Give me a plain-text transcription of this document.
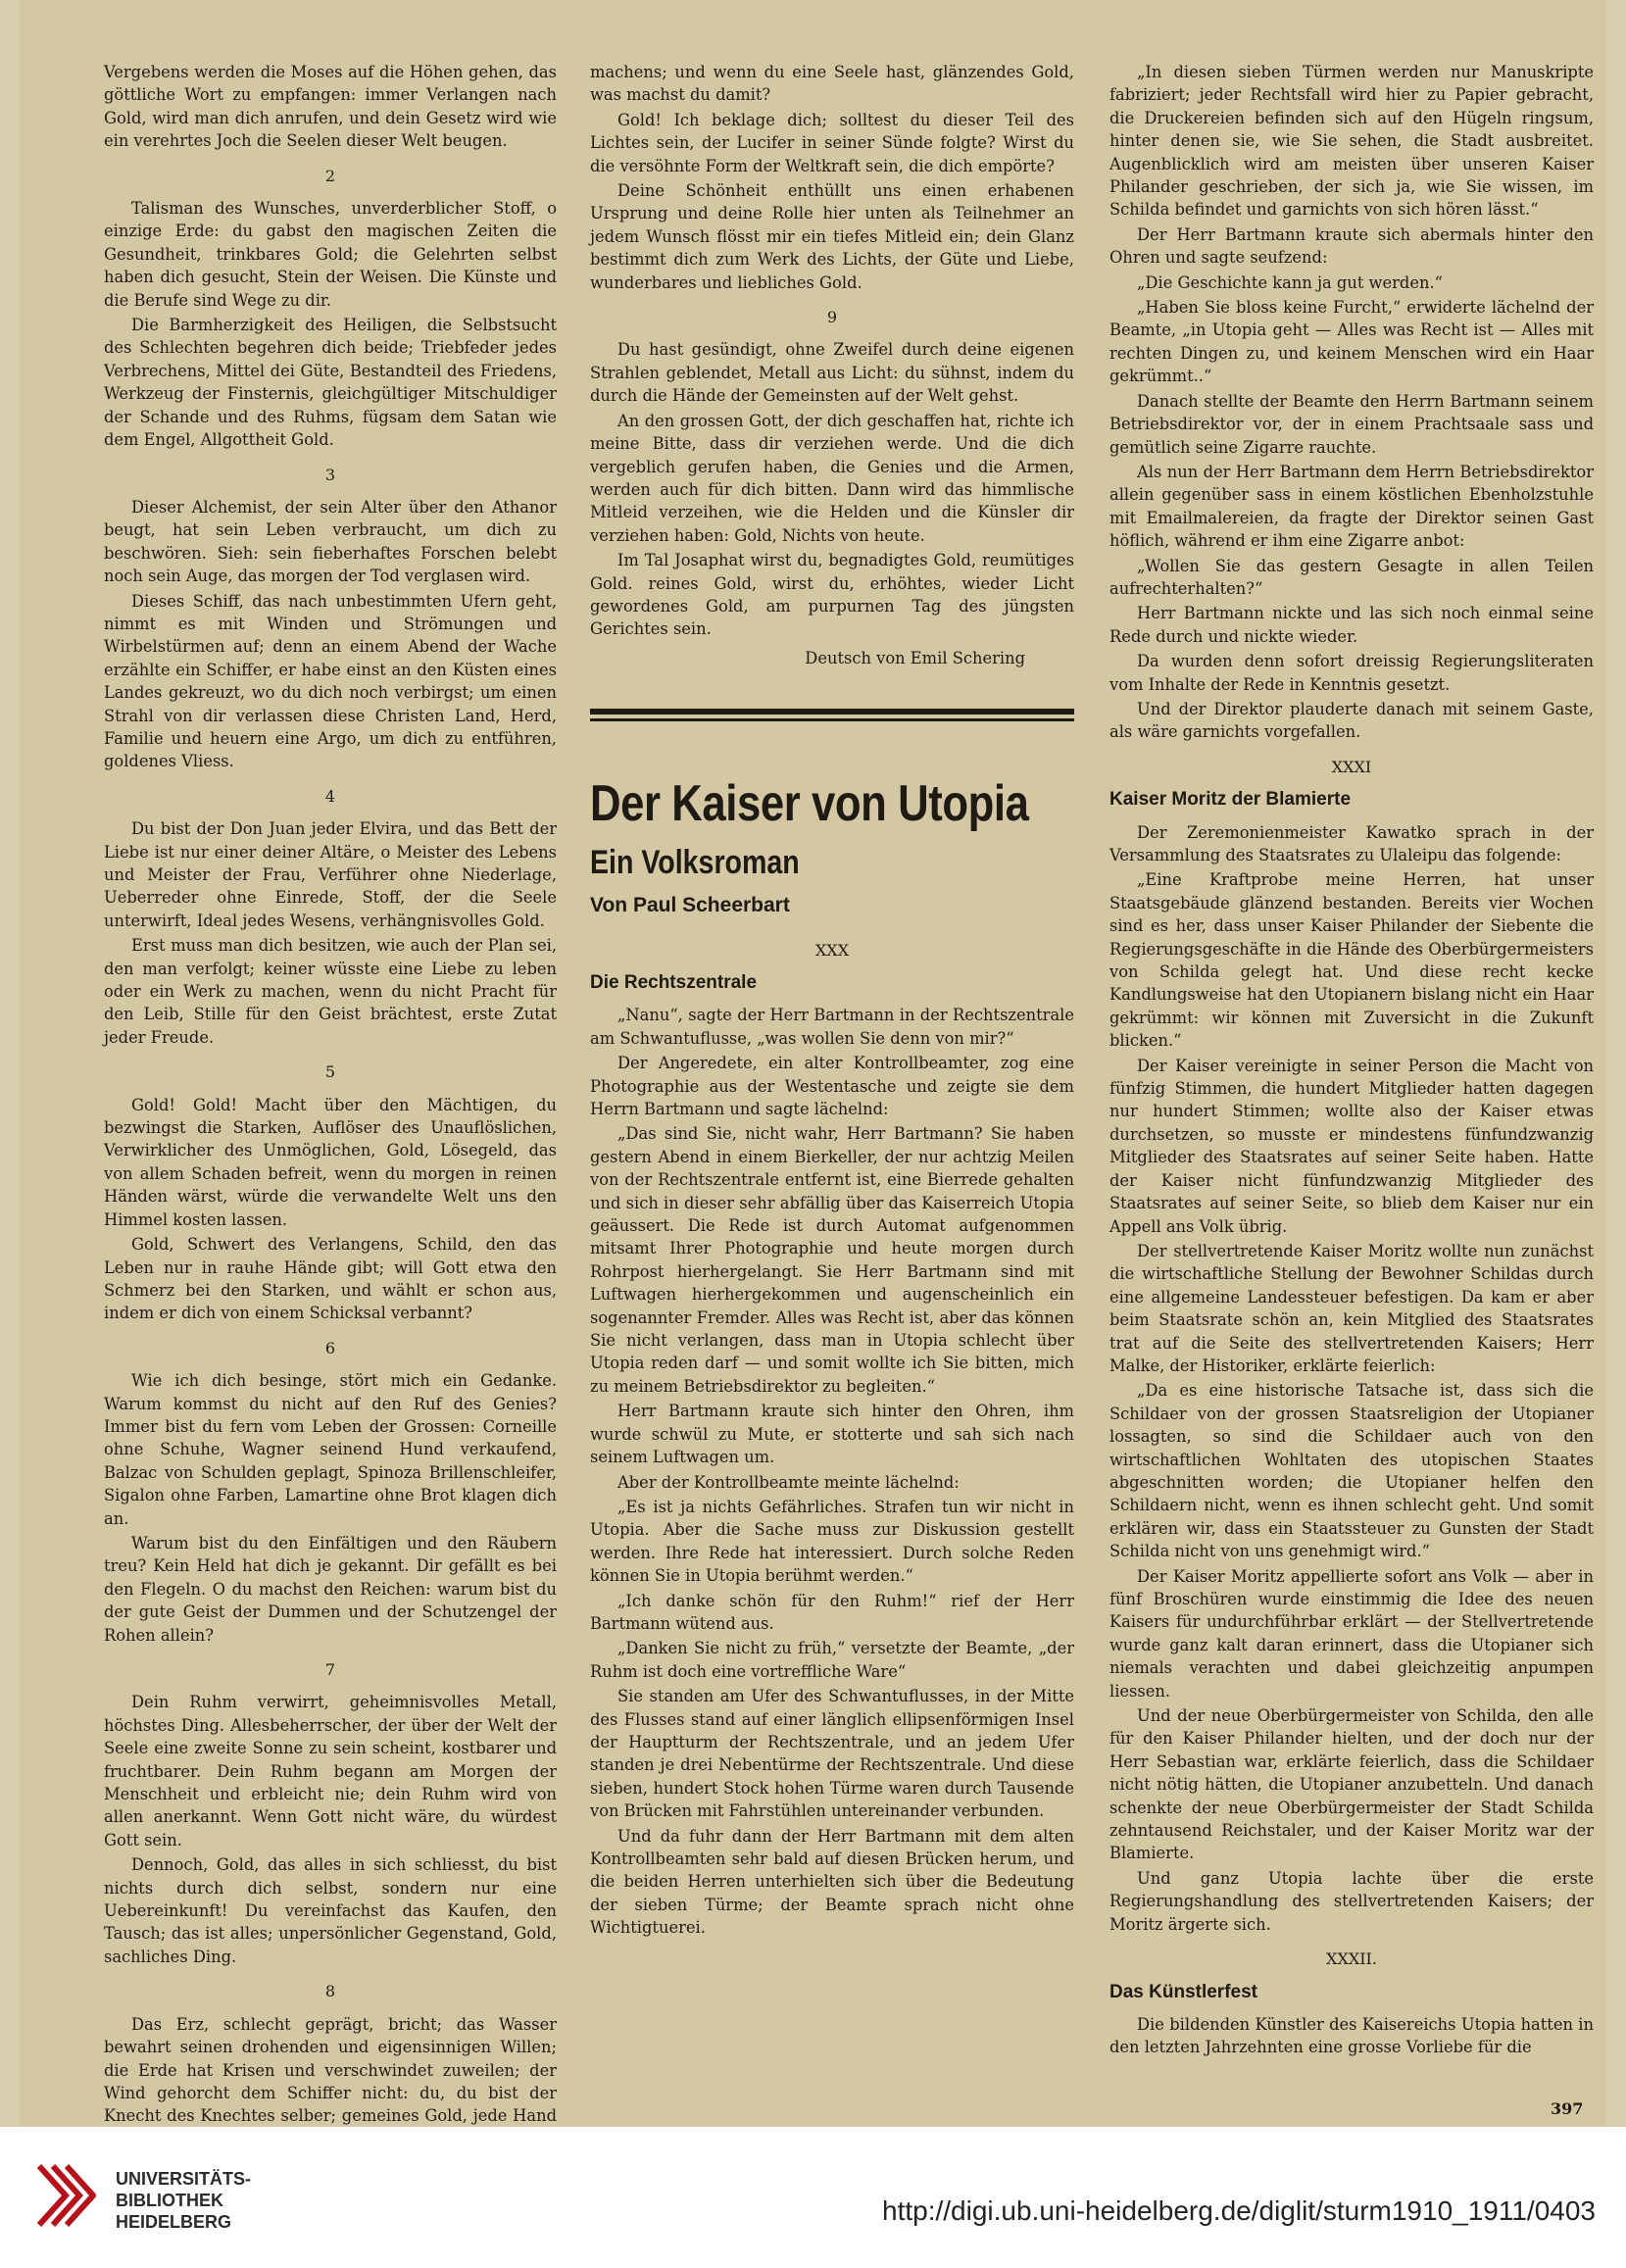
Vergebens werden die Moses auf die Höhen gehen, das göttliche Wort zu empfangen: immer Verlangen nach Gold, wird man dich anrufen, und dein Gesetz wird wie ein verehrtes Joch die Seelen dieser Welt beugen.

2

Talisman des Wunsches, unverderblicher Stoff, o einzige Erde: du gabst den magischen Zeiten die Gesundheit, trinkbares Gold; die Gelehrten selbst haben dich gesucht, Stein der Weisen. Die Künste und die Berufe sind Wege zu dir.

Die Barmherzigkeit des Heiligen, die Selbstsucht des Schlechten begehren dich beide; Triebfeder jedes Verbrechens, Mittel dei Güte, Bestandteil des Friedens, Werkzeug der Finsternis, gleichgültiger Mitschuldiger der Schande und des Ruhms, fügsam dem Satan wie dem Engel, Allgottheit Gold.

3

Dieser Alchemist, der sein Alter über den Athanor beugt, hat sein Leben verbraucht, um dich zu beschwören. Sieh: sein fieberhaftes Forschen belebt noch sein Auge, das morgen der Tod verglasen wird.

Dieses Schiff, das nach unbestimmten Ufern geht, nimmt es mit Winden und Strömungen und Wirbelstürmen auf; denn an einem Abend der Wache erzählte ein Schiffer, er habe einst an den Küsten eines Landes gekreuzt, wo du dich noch verbirgst; um einen Strahl von dir verlassen diese Christen Land, Herd, Familie und heuern eine Argo, um dich zu entführen, goldenes Vliess.

4

Du bist der Don Juan jeder Elvira, und das Bett der Liebe ist nur einer deiner Altäre, o Meister des Lebens und Meister der Frau, Verführer ohne Niederlage, Ueberreder ohne Einrede, Stoff, der die Seele unterwirft, Ideal jedes Wesens, verhängnisvolles Gold.

Erst muss man dich besitzen, wie auch der Plan sei, den man verfolgt; keiner wüsste eine Liebe zu leben oder ein Werk zu machen, wenn du nicht Pracht für den Leib, Stille für den Geist brächtest, erste Zutat jeder Freude.

5

Gold! Gold! Macht über den Mächtigen, du bezwingst die Starken, Auflöser des Unauflöslichen, Verwirklicher des Unmöglichen, Gold, Lösegeld, das von allem Schaden befreit, wenn du morgen in reinen Händen wärst, würde die verwandelte Welt uns den Himmel kosten lassen.

Gold, Schwert des Verlangens, Schild, den das Leben nur in rauhe Hände gibt; will Gott etwa den Schmerz bei den Starken, und wählt er schon aus, indem er dich von einem Schicksal verbannt?

6

Wie ich dich besinge, stört mich ein Gedanke. Warum kommst du nicht auf den Ruf des Genies? Immer bist du fern vom Leben der Grossen: Corneille ohne Schuhe, Wagner seinend Hund verkaufend, Balzac von Schulden geplagt, Spinoza Brillenschleifer, Sigalon ohne Farben, Lamartine ohne Brot klagen dich an.

Warum bist du den Einfältigen und den Räubern treu? Kein Held hat dich je gekannt. Dir gefällt es bei den Flegeln. O du machst den Reichen: warum bist du der gute Geist der Dummen und der Schutzengel der Rohen allein?

7

Dein Ruhm verwirrt, geheimnisvolles Metall, höchstes Ding. Allesbeherrscher, der über der Welt der Seele eine zweite Sonne zu sein scheint, kostbarer und fruchtbarer. Dein Ruhm begann am Morgen der Menschheit und erbleicht nie; dein Ruhm wird von allen anerkannt. Wenn Gott nicht wäre, du würdest Gott sein.

Dennoch, Gold, das alles in sich schliesst, du bist nichts durch dich selbst, sondern nur eine Uebereinkunft! Du vereinfachst das Kaufen, den Tausch; das ist alles; unpersönlicher Gegenstand, Gold, sachliches Ding.

8

Das Erz, schlecht geprägt, bricht; das Wasser bewahrt seinen drohenden und eigensinnigen Willen; die Erde hat Krisen und verschwindet zuweilen; der Wind gehorcht dem Schiffer nicht: du, du bist der Knecht des Knechtes selber; gemeines Gold, jede Hand

machens; und wenn du eine Seele hast, glänzendes Gold, was machst du damit?

Gold! Ich beklage dich; solltest du dieser Teil des Lichtes sein, der Lucifer in seiner Sünde folgte? Wirst du die versöhnte Form der Weltkraft sein, die dich empörte?

Deine Schönheit enthüllt uns einen erhabenen Ursprung und deine Rolle hier unten als Teilnehmer an jedem Wunsch flösst mir ein tiefes Mitleid ein; dein Glanz bestimmt dich zum Werk des Lichts, der Güte und Liebe, wunderbares und liebliches Gold.

9

Du hast gesündigt, ohne Zweifel durch deine eigenen Strahlen geblendet, Metall aus Licht: du sühnst, indem du durch die Hände der Gemeinsten auf der Welt gehst.

An den grossen Gott, der dich geschaffen hat, richte ich meine Bitte, dass dir verziehen werde. Und die dich vergeblich gerufen haben, die Genies und die Armen, werden auch für dich bitten. Dann wird das himmlische Mitleid verzeihen, wie die Helden und die Künsler dir verziehen haben: Gold, Nichts von heute.

Im Tal Josaphat wirst du, begnadigtes Gold, reumütiges Gold. reines Gold, wirst du, erhöhtes, wieder Licht gewordenes Gold, am purpurnen Tag des jüngsten Gerichtes sein.

Deutsch von Emil Schering
Der Kaiser von Utopia
Ein Volksroman
Von Paul Scheerbart
XXX
Die Rechtszentrale

„Nanu“, sagte der Herr Bartmann in der Rechtszentrale am Schwantuflusse, „was wollen Sie denn von mir?“

Der Angeredete, ein alter Kontrollbeamter, zog eine Photographie aus der Westentasche und zeigte sie dem Herrn Bartmann und sagte lächelnd:

„Das sind Sie, nicht wahr, Herr Bartmann? Sie haben gestern Abend in einem Bierkeller, der nur achtzig Meilen von der Rechtszentrale entfernt ist, eine Bierrede gehalten und sich in dieser sehr abfällig über das Kaiserreich Utopia geäussert. Die Rede ist durch Automat aufgenommen mitsamt Ihrer Photographie und heute morgen durch Rohrpost hierhergelangt. Sie Herr Bartmann sind mit Luftwagen hierhergekommen und augenscheinlich ein sogenannter Fremder. Alles was Recht ist, aber das können Sie nicht verlangen, dass man in Utopia schlecht über Utopia reden darf — und somit wollte ich Sie bitten, mich zu meinem Betriebsdirektor zu begleiten.“

Herr Bartmann kraute sich hinter den Ohren, ihm wurde schwül zu Mute, er stotterte und sah sich nach seinem Luftwagen um.

Aber der Kontrollbeamte meinte lächelnd:

„Es ist ja nichts Gefährliches. Strafen tun wir nicht in Utopia. Aber die Sache muss zur Diskussion gestellt werden. Ihre Rede hat interessiert. Durch solche Reden können Sie in Utopia berühmt werden.“

„Ich danke schön für den Ruhm!“ rief der Herr Bartmann wütend aus.

„Danken Sie nicht zu früh,“ versetzte der Beamte, „der Ruhm ist doch eine vortreffliche Ware“

Sie standen am Ufer des Schwantuflusses, in der Mitte des Flusses stand auf einer länglich ellipsenförmigen Insel der Hauptturm der Rechtszentrale, und an jedem Ufer standen je drei Nebentürme der Rechtszentrale. Und diese sieben, hundert Stock hohen Türme waren durch Tausende von Brücken mit Fahrstühlen untereinander verbunden.

Und da fuhr dann der Herr Bartmann mit dem alten Kontrollbeamten sehr bald auf diesen Brücken herum, und die beiden Herren unterhielten sich über die Bedeutung der sieben Türme; der Beamte sprach nicht ohne Wichtigtuerei.

„In diesen sieben Türmen werden nur Manuskripte fabriziert; jeder Rechtsfall wird hier zu Papier gebracht, die Druckereien befinden sich auf den Hügeln ringsum, hinter denen sie, wie Sie sehen, die Stadt ausbreitet. Augenblicklich wird am meisten über unseren Kaiser Philander geschrieben, der sich ja, wie Sie wissen, im Schilda befindet und garnichts von sich hören lässt.“

Der Herr Bartmann kraute sich abermals hinter den Ohren und sagte seufzend:

„Die Geschichte kann ja gut werden.“

„Haben Sie bloss keine Furcht,“ erwiderte lächelnd der Beamte, „in Utopia geht — Alles was Recht ist — Alles mit rechten Dingen zu, und keinem Menschen wird ein Haar gekrümmt..“

Danach stellte der Beamte den Herrn Bartmann seinem Betriebsdirektor vor, der in einem Prachtsaale sass und gemütlich seine Zigarre rauchte.

Als nun der Herr Bartmann dem Herrn Betriebsdirektor allein gegenüber sass in einem köstlichen Ebenholzstuhle mit Emailmalereien, da fragte der Direktor seinen Gast höflich, während er ihm eine Zigarre anbot:

„Wollen Sie das gestern Gesagte in allen Teilen aufrechterhalten?“

Herr Bartmann nickte und las sich noch einmal seine Rede durch und nickte wieder.

Da wurden denn sofort dreissig Regierungsliteraten vom Inhalte der Rede in Kenntnis gesetzt.

Und der Direktor plauderte danach mit seinem Gaste, als wäre garnichts vorgefallen.

XXXI
Kaiser Moritz der Blamierte

Der Zeremonienmeister Kawatko sprach in der Versammlung des Staatsrates zu Ulaleipu das folgende:

„Eine Kraftprobe meine Herren, hat unser Staatsgebäude glänzend bestanden. Bereits vier Wochen sind es her, dass unser Kaiser Philander der Siebente die Regierungsgeschäfte in die Hände des Oberbürgermeisters von Schilda gelegt hat. Und diese recht kecke Kandlungsweise hat den Utopianern bislang nicht ein Haar gekrümmt: wir können mit Zuversicht in die Zukunft blicken.“

Der Kaiser vereinigte in seiner Person die Macht von fünfzig Stimmen, die hundert Mitglieder hatten dagegen nur hundert Stimmen; wollte also der Kaiser etwas durchsetzen, so musste er mindestens fünfundzwanzig Mitglieder des Staatsrates auf seiner Seite haben. Hatte der Kaiser nicht fünfundzwanzig Mitglieder des Staatsrates auf seiner Seite, so blieb dem Kaiser nur ein Appell ans Volk übrig.

Der stellvertretende Kaiser Moritz wollte nun zunächst die wirtschaftliche Stellung der Bewohner Schildas durch eine allgemeine Landessteuer befestigen. Da kam er aber beim Staatsrate schön an, kein Mitglied des Staatsrates trat auf die Seite des stellvertretenden Kaisers; Herr Malke, der Historiker, erklärte feierlich:

„Da es eine historische Tatsache ist, dass sich die Schildaer von der grossen Staatsreligion der Utopianer lossagten, so sind die Schildaer auch von den wirtschaftlichen Wohltaten des utopischen Staates abgeschnitten worden; die Utopianer helfen den Schildaern nicht, wenn es ihnen schlecht geht. Und somit erklären wir, dass ein Staatssteuer zu Gunsten der Stadt Schilda nicht von uns genehmigt wird.“

Der Kaiser Moritz appellierte sofort ans Volk — aber in fünf Broschüren wurde einstimmig die Idee des neuen Kaisers für undurchführbar erklärt — der Stellvertretende wurde ganz kalt daran erinnert, dass die Utopianer sich niemals verachten und dabei gleichzeitig anpumpen liessen.

Und der neue Oberbürgermeister von Schilda, den alle für den Kaiser Philander hielten, und der doch nur der Herr Sebastian war, erklärte feierlich, dass die Schildaer nicht nötig hätten, die Utopianer anzubetteln. Und danach schenkte der neue Oberbürgermeister der Stadt Schilda zehntausend Reichstaler, und der Kaiser Moritz war der Blamierte.

Und ganz Utopia lachte über die erste Regierungshandlung des stellvertretenden Kaisers; der Moritz ärgerte sich.

XXXII.
Das Künstlerfest

Die bildenden Künstler des Kaisereichs Utopia hatten in den letzten Jahrzehnten eine grosse Vorliebe für die

397
UNIVERSITÄTS-
BIBLIOTHEK
HEIDELBERG	http://digi.ub.uni-heidelberg.de/diglit/sturm1910_1911/0403
